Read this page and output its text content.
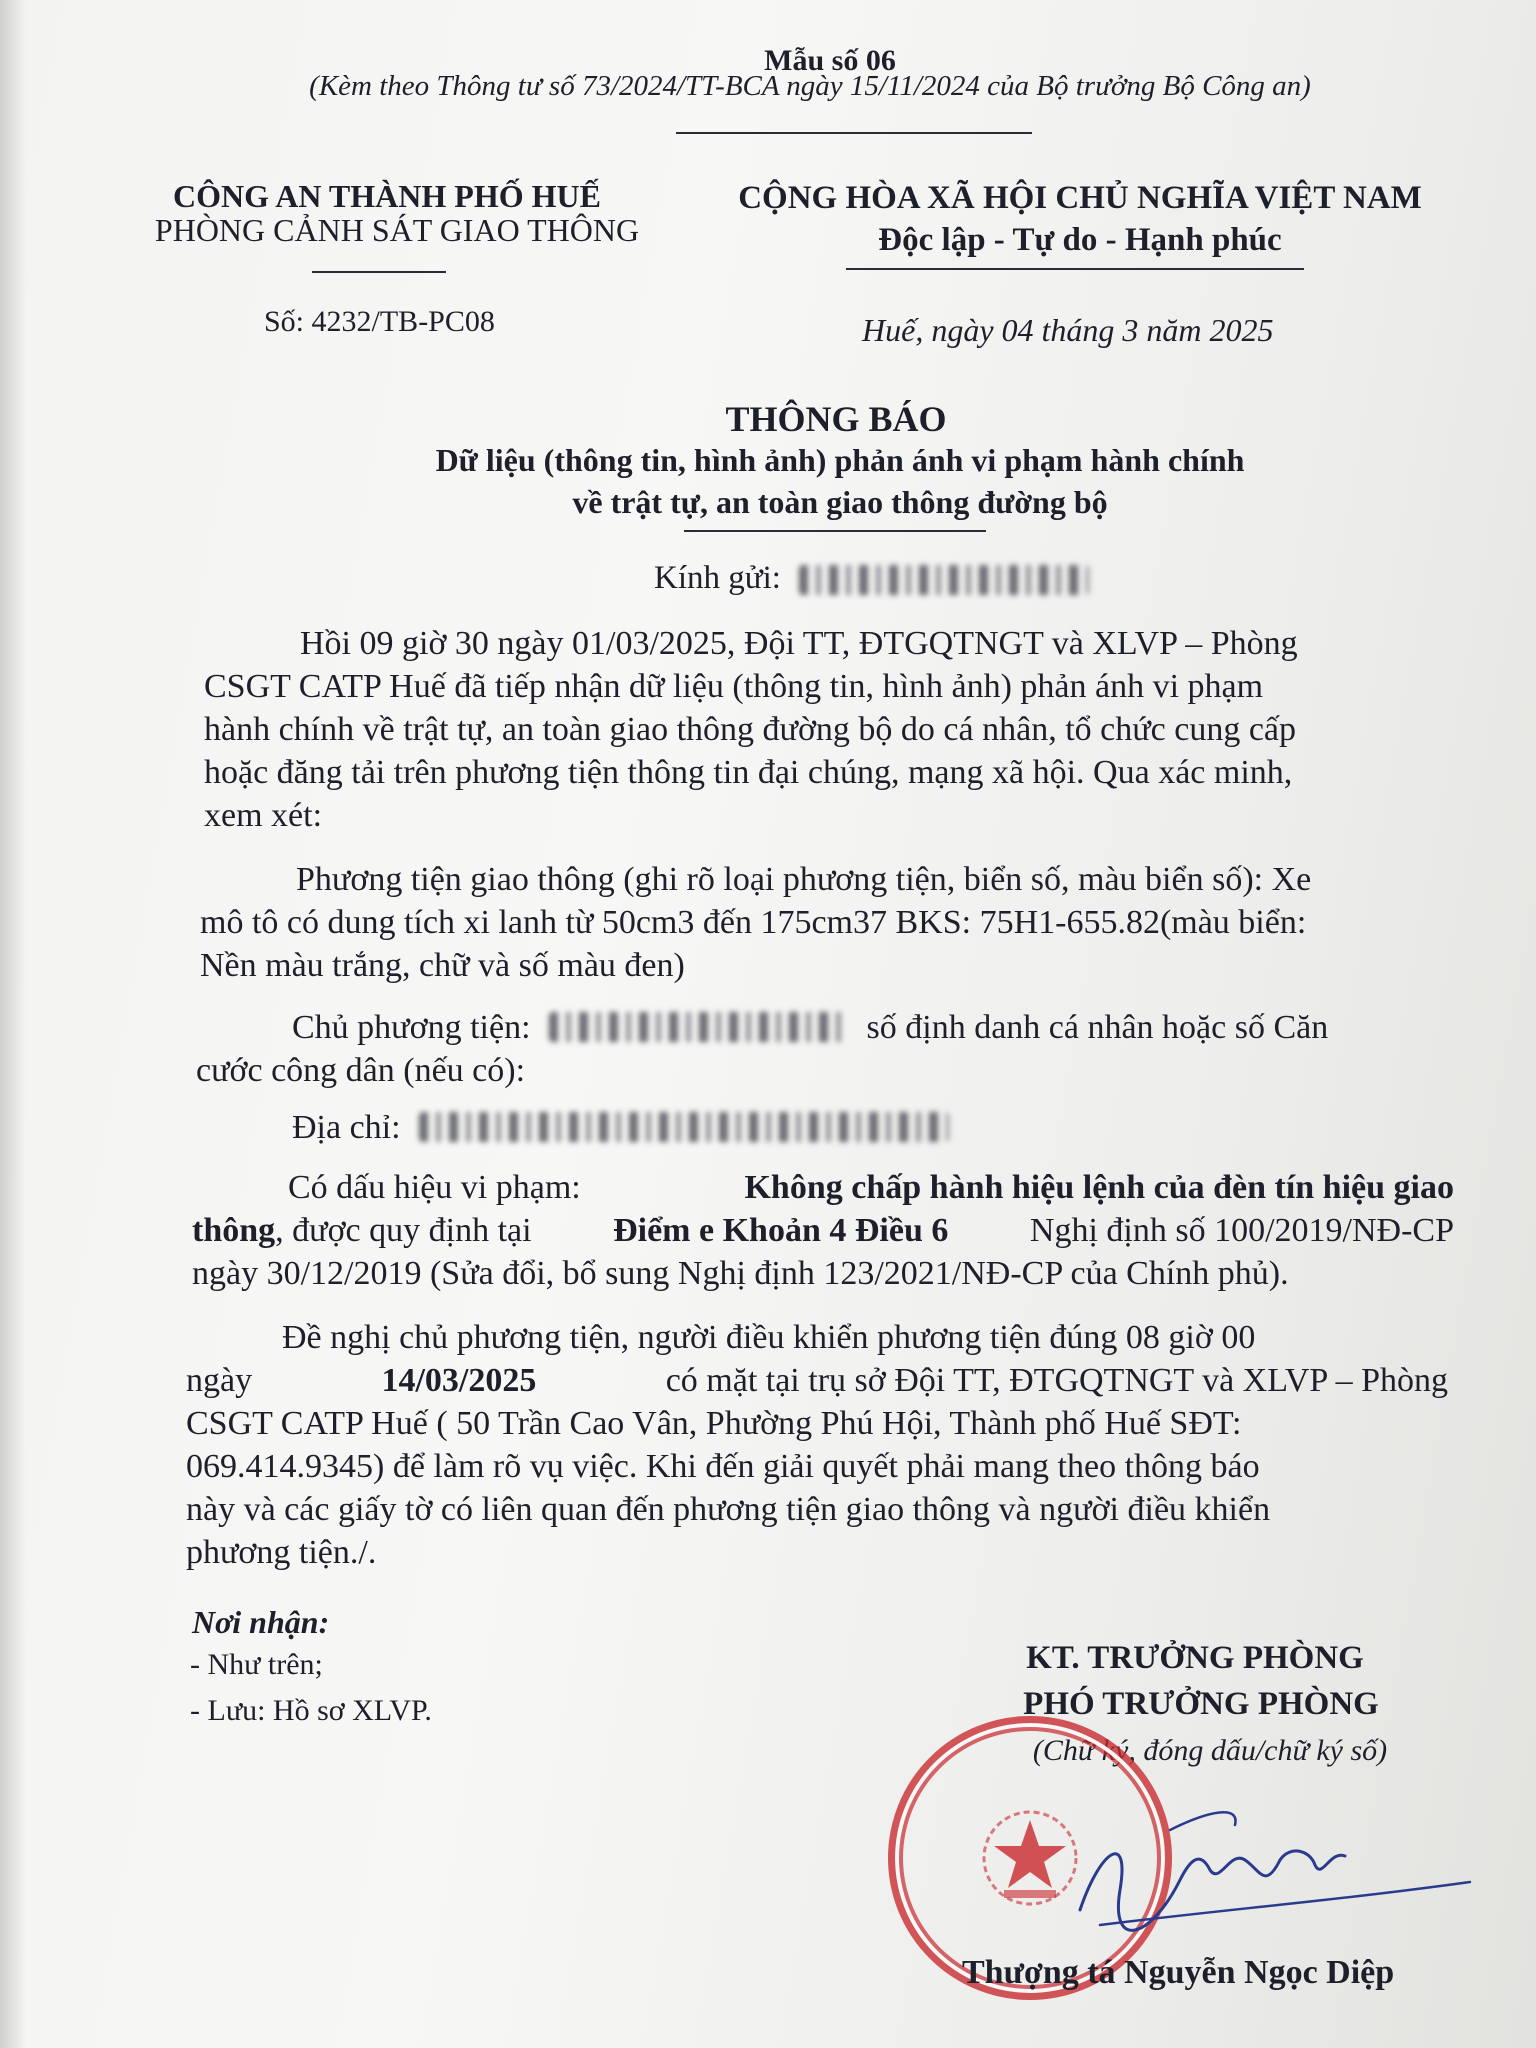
Mẫu số 06
(Kèm theo Thông tư số 73/2024/TT-BCA ngày 15/11/2024 của Bộ trưởng Bộ Công an)
CÔNG AN THÀNH PHỐ HUẾ
PHÒNG CẢNH SÁT GIAO THÔNG
Số: 4232/TB-PC08
CỘNG HÒA XÃ HỘI CHỦ NGHĨA VIỆT NAM
Độc lập - Tự do - Hạnh phúc
Huế, ngày 04 tháng 3 năm 2025
THÔNG BÁO
Dữ liệu (thông tin, hình ảnh) phản ánh vi phạm hành chính
về trật tự, an toàn giao thông đường bộ
Kính gửi:
Hồi 09 giờ 30 ngày 01/03/2025, Đội TT, ĐTGQTNGT và XLVP – Phòng
CSGT CATP Huế đã tiếp nhận dữ liệu (thông tin, hình ảnh) phản ánh vi phạm
hành chính về trật tự, an toàn giao thông đường bộ do cá nhân, tổ chức cung cấp
hoặc đăng tải trên phương tiện thông tin đại chúng, mạng xã hội. Qua xác minh,
xem xét:
Phương tiện giao thông (ghi rõ loại phương tiện, biển số, màu biển số): Xe
mô tô có dung tích xi lanh từ 50cm3 đến 175cm37 BKS: 75H1-655.82(màu biển:
Nền màu trắng, chữ và số màu đen)
Chủ phương tiện:	số định danh cá nhân hoặc số Căn
cước công dân (nếu có):
Địa chỉ:
Có dấu hiệu vi phạm:	Không chấp hành hiệu lệnh của đèn tín hiệu giao
thông, được quy định tại Điểm e Khoản 4 Điều 6 Nghị định số 100/2019/NĐ-CP
ngày 30/12/2019 (Sửa đổi, bổ sung Nghị định 123/2021/NĐ-CP của Chính phủ).
Đề nghị chủ phương tiện, người điều khiển phương tiện đúng 08 giờ 00
ngày	14/03/2025	có mặt tại trụ sở Đội TT, ĐTGQTNGT và XLVP – Phòng
CSGT CATP Huế ( 50 Trần Cao Vân, Phường Phú Hội, Thành phố Huế SĐT:
069.414.9345) để làm rõ vụ việc. Khi đến giải quyết phải mang theo thông báo
này và các giấy tờ có liên quan đến phương tiện giao thông và người điều khiển
phương tiện./.
Nơi nhận:
- Như trên;
- Lưu: Hồ sơ XLVP.
KT. TRƯỞNG PHÒNG
PHÓ TRƯỞNG PHÒNG
(Chữ ký, đóng dấu/chữ ký số)
Thượng tá Nguyễn Ngọc Diệp
